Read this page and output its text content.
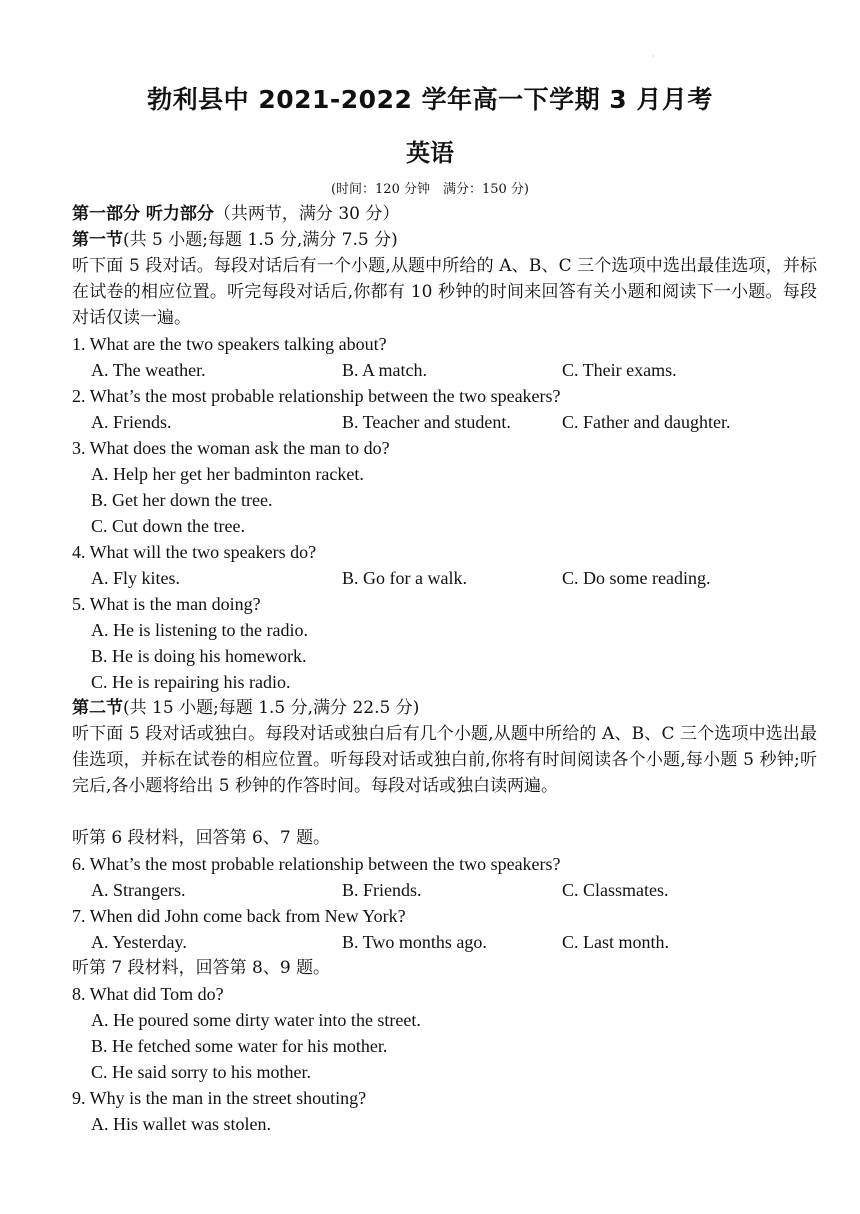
·
勃利县中 2021-2022 学年高一下学期 3 月月考
英语
(时间：120 分钟　满分：150 分)
第一部分 听力部分（共两节，满分 30 分）
第一节(共 5 小题;每题 1.5 分,满分 7.5 分)
听下面 5 段对话。每段对话后有一个小题,从题中所给的 A、B、C 三个选项中选出最佳选项，并标在试卷的相应位置。听完每段对话后,你都有 10 秒钟的时间来回答有关小题和阅读下一小题。每段对话仅读一遍。
1. What are the two speakers talking about?
A. The weather.	B. A match.	C. Their exams.
2. What’s the most probable relationship between the two speakers?
A. Friends.	B. Teacher and student.	C. Father and daughter.
3. What does the woman ask the man to do?
A. Help her get her badminton racket.
B. Get her down the tree.
C. Cut down the tree.
4. What will the two speakers do?
A. Fly kites.	B. Go for a walk.	C. Do some reading.
5. What is the man doing?
A. He is listening to the radio.
B. He is doing his homework.
C. He is repairing his radio.
第二节(共 15 小题;每题 1.5 分,满分 22.5 分)
听下面 5 段对话或独白。每段对话或独白后有几个小题,从题中所给的 A、B、C 三个选项中选出最佳选项，并标在试卷的相应位置。听每段对话或独白前,你将有时间阅读各个小题,每小题 5 秒钟;听完后,各小题将给出 5 秒钟的作答时间。每段对话或独白读两遍。
听第 6 段材料，回答第 6、7 题。
6. What’s the most probable relationship between the two speakers?
A. Strangers.	B. Friends.	C. Classmates.
7. When did John come back from New York?
A. Yesterday.	B. Two months ago.	C. Last month.
听第 7 段材料，回答第 8、9 题。
8. What did Tom do?
A. He poured some dirty water into the street.
B. He fetched some water for his mother.
C. He said sorry to his mother.
9. Why is the man in the street shouting?
A. His wallet was stolen.
